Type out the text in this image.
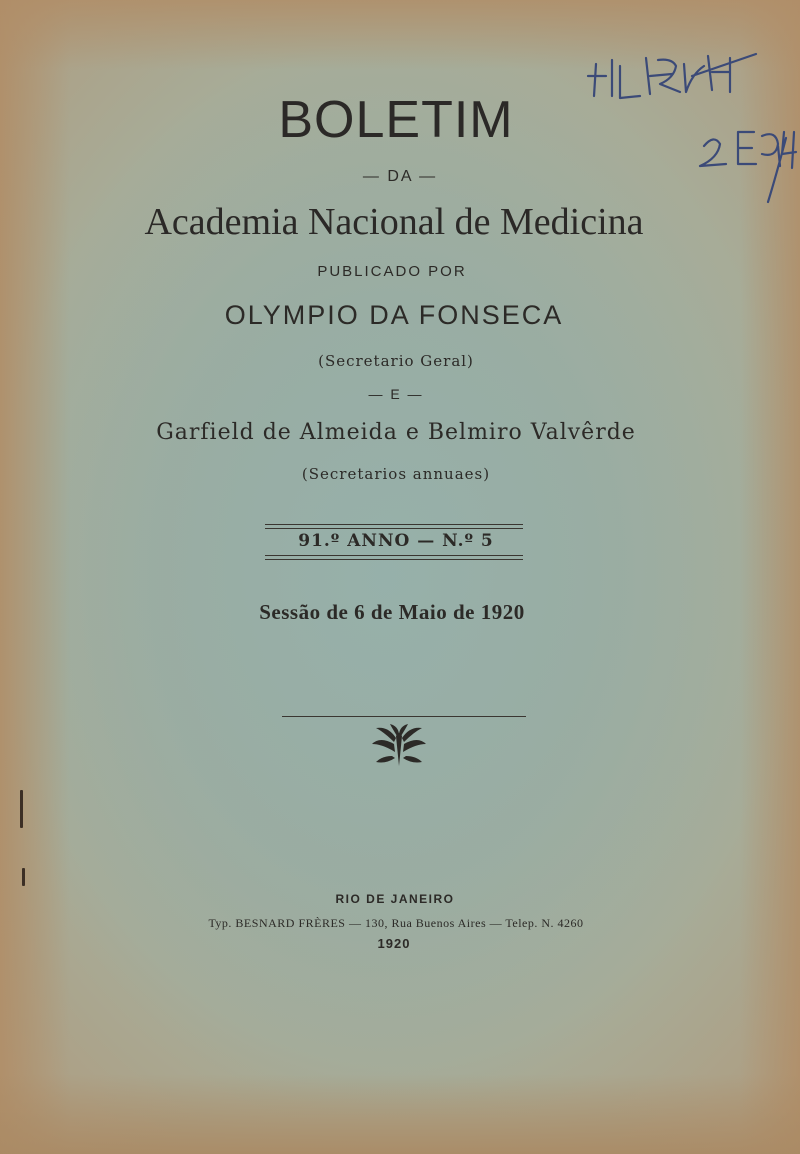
BOLETIM
— DA —
Academia Nacional de Medicina
PUBLICADO POR
OLYMPIO DA FONSECA
(Secretario Geral)
— E —
Garfield de Almeida e Belmiro Valvêrde
(Secretarios annuaes)
91.º ANNO — N.º 5
Sessão de 6 de Maio de 1920
RIO DE JANEIRO
Typ. BESNARD FRÈRES — 130, Rua Buenos Aires — Telep. N. 4260
1920
